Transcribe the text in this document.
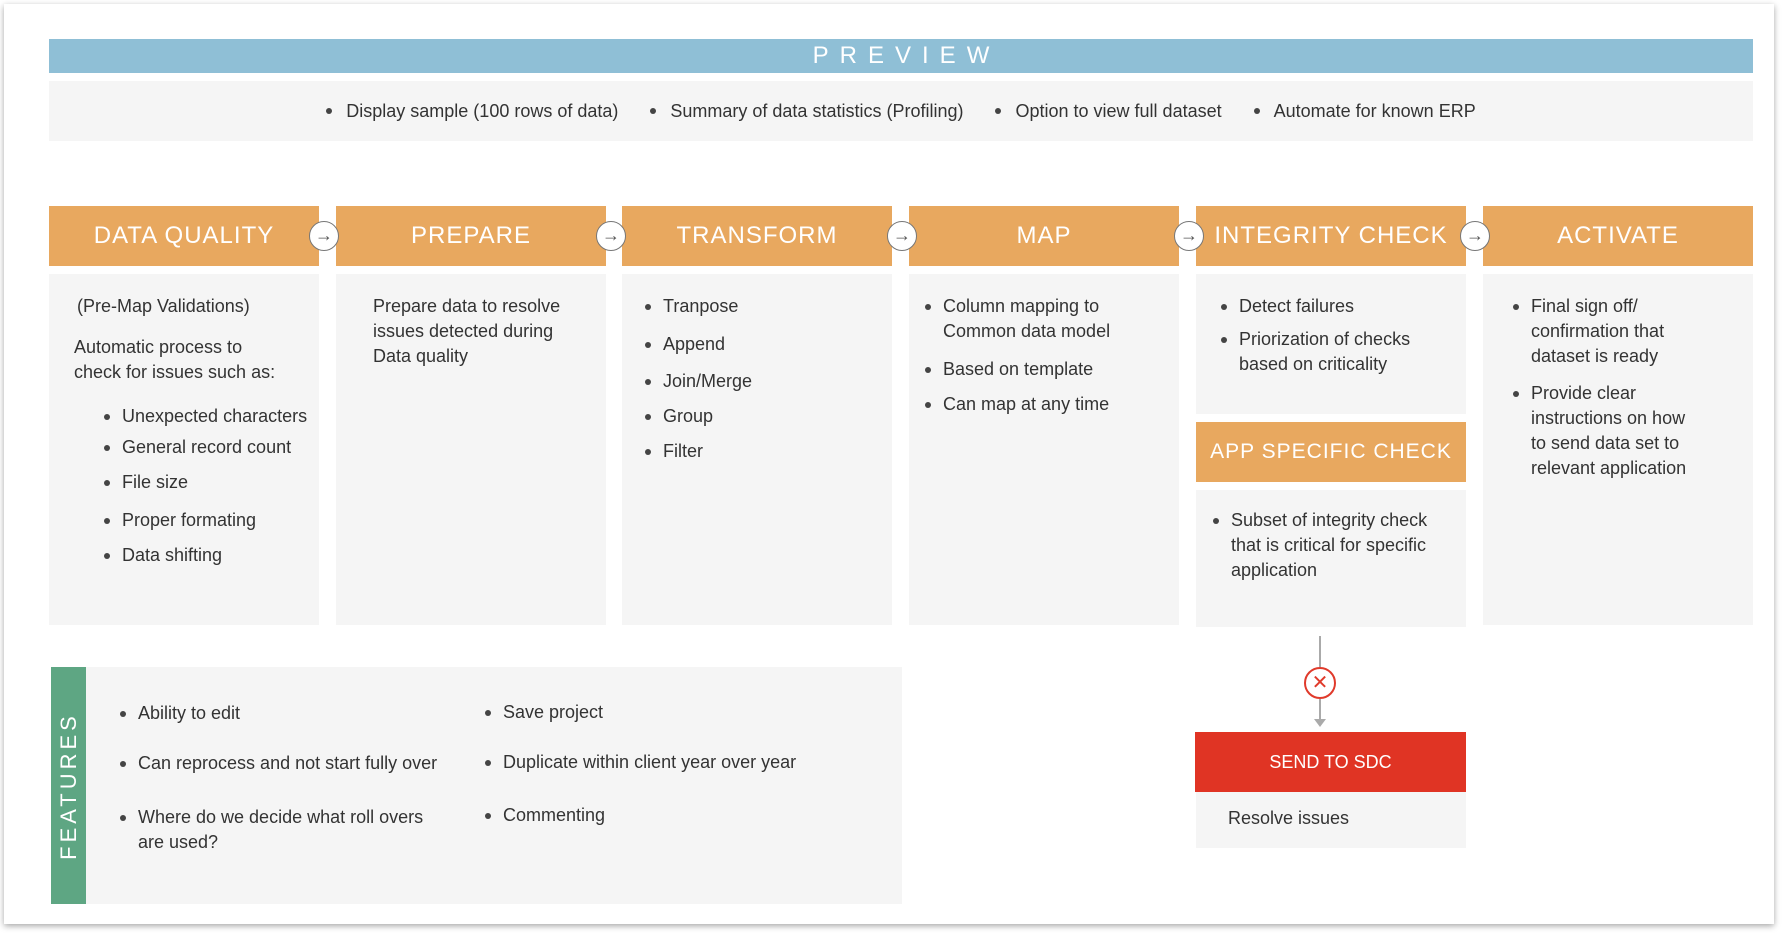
PREVIEW
Display sample (100 rows of data)	Summary of data statistics (Profiling)	Option to view full dataset	Automate for known ERP
DATA QUALITY	PREPARE	TRANSFORM	MAP	INTEGRITY CHECK	ACTIVATE
→	→	→	→	→
(Pre-Map Validations)
Automatic process to check for issues such as:
Unexpected characters
General record count
File size
Proper formating
Data shifting
Prepare data to resolve issues detected during Data quality
Tranpose
Append
Join/Merge
Group
Filter
Column mapping to Common data model
Based on template
Can map at any time
Detect failures
Priorization of checks based on criticality
APP SPECIFIC CHECK
Subset of integrity check that is critical for specific application
Final sign off/ confirmation that dataset is ready
Provide clear instructions on how to send data set to relevant application
FEATURES	Ability to edit
Can reprocess and not start fully over
Where do we decide what roll overs are used?
Save project
Duplicate within client year over year
Commenting
✕
SEND TO SDC
Resolve issues
